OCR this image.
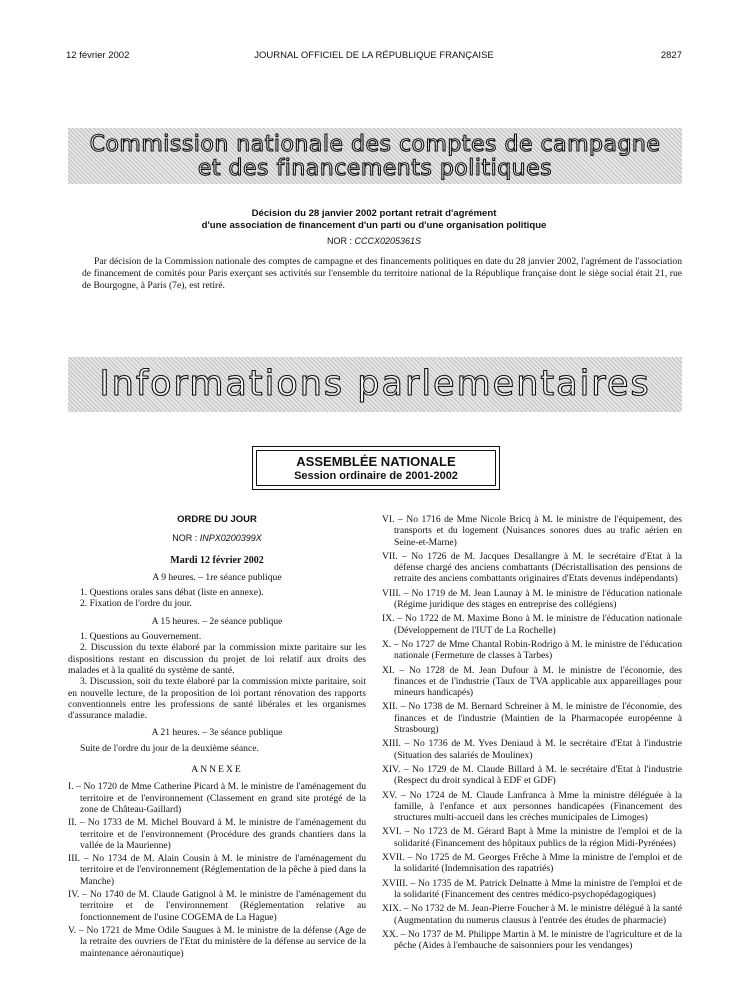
12 février 2002	JOURNAL OFFICIEL DE LA RÉPUBLIQUE FRANÇAISE	2827
Commission nationale des comptes de campagne
et des financements politiques
Décision du 28 janvier 2002 portant retrait d'agrément
d'une association de financement d'un parti ou d'une organisation politique
NOR : CCCX0205361S
Par décision de la Commission nationale des comptes de campagne et des financements politiques en date du 28 janvier 2002, l'agrément de l'association de financement de comités pour Paris exerçant ses activités sur l'ensemble du territoire national de la République française dont le siège social était 21, rue de Bourgogne, à Paris (7e), est retiré.
Informations parlementaires
ASSEMBLÉE NATIONALE
Session ordinaire de 2001-2002
ORDRE DU JOUR
NOR : INPX0200399X
Mardi 12 février 2002
A 9 heures. – 1re séance publique
1. Questions orales sans débat (liste en annexe).
2. Fixation de l'ordre du jour.
A 15 heures. – 2e séance publique
1. Questions au Gouvernement.
2. Discussion du texte élaboré par la commission mixte paritaire sur les dispositions restant en discussion du projet de loi relatif aux droits des malades et à la qualité du système de santé.
3. Discussion, soit du texte élaboré par la commission mixte paritaire, soit en nouvelle lecture, de la proposition de loi portant rénovation des rapports conventionnels entre les professions de santé libérales et les organismes d'assurance maladie.
A 21 heures. – 3e séance publique
Suite de l'ordre du jour de la deuxième séance.
ANNEXE
I. – No 1720 de Mme Catherine Picard à M. le ministre de l'aménagement du territoire et de l'environnement (Classement en grand site protégé de la zone de Château-Gaillard)
II. – No 1733 de M. Michel Bouvard à M. le ministre de l'aménagement du territoire et de l'environnement (Procédure des grands chantiers dans la vallée de la Maurienne)
III. – No 1734 de M. Alain Cousin à M. le ministre de l'aménagement du territoire et de l'environnement (Réglementation de la pêche à pied dans la Manche)
IV. – No 1740 de M. Claude Gatignol à M. le ministre de l'aménagement du territoire et de l'environnement (Réglementation relative au fonctionnement de l'usine COGEMA de La Hague)
V. – No 1721 de Mme Odile Saugues à M. le ministre de la défense (Age de la retraite des ouvriers de l'Etat du ministère de la défense au service de la maintenance aéronautique)
VI. – No 1716 de Mme Nicole Bricq à M. le ministre de l'équipement, des transports et du logement (Nuisances sonores dues au trafic aérien en Seine-et-Marne)
VII. – No 1726 de M. Jacques Desallangre à M. le secrétaire d'Etat à la défense chargé des anciens combattants (Décristallisation des pensions de retraite des anciens combattants originaires d'Etats devenus indépendants)
VIII. – No 1719 de M. Jean Launay à M. le ministre de l'éducation nationale (Régime juridique des stages en entreprise des collégiens)
IX. – No 1722 de M. Maxime Bono à M. le ministre de l'éducation nationale (Développement de l'IUT de La Rochelle)
X. – No 1727 de Mme Chantal Robin-Rodrigo à M. le ministre de l'éducation nationale (Fermeture de classes à Tarbes)
XI. – No 1728 de M. Jean Dufour à M. le ministre de l'économie, des finances et de l'industrie (Taux de TVA applicable aux appareillages pour mineurs handicapés)
XII. – No 1738 de M. Bernard Schreiner à M. le ministre de l'économie, des finances et de l'industrie (Maintien de la Pharmacopée européenne à Strasbourg)
XIII. – No 1736 de M. Yves Deniaud à M. le secrétaire d'Etat à l'industrie (Situation des salariés de Moulinex)
XIV. – No 1729 de M. Claude Billard à M. le secrétaire d'Etat à l'industrie (Respect du droit syndical à EDF et GDF)
XV. – No 1724 de M. Claude Lanfranca à Mme la ministre déléguée à la famille, à l'enfance et aux personnes handicapées (Financement des structures multi-accueil dans les crèches municipales de Limoges)
XVI. – No 1723 de M. Gérard Bapt à Mme la ministre de l'emploi et de la solidarité (Financement des hôpitaux publics de la région Midi-Pyrénées)
XVII. – No 1725 de M. Georges Frêche à Mme la ministre de l'emploi et de la solidarité (Indemnisation des rapatriés)
XVIII. – No 1735 de M. Patrick Delnatte à Mme la ministre de l'emploi et de la solidarité (Financement des centres médico-psychopédagogiques)
XIX. – No 1732 de M. Jean-Pierre Foucher à M. le ministre délégué à la santé (Augmentation du numerus clausus à l'entrée des études de pharmacie)
XX. – No 1737 de M. Philippe Martin à M. le ministre de l'agriculture et de la pêche (Aides à l'embauche de saisonniers pour les vendanges)
